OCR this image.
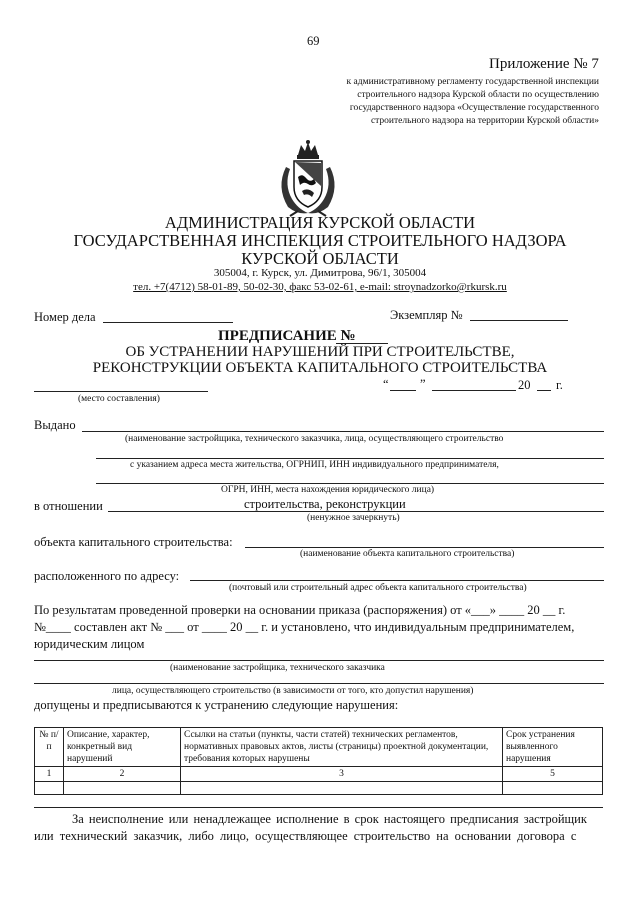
69
Приложение № 7
к административному регламенту государственной инспекции
строительного надзора Курской области по осуществлению
государственного надзора «Осуществление государственного
строительного надзора на территории Курской области»
АДМИНИСТРАЦИЯ КУРСКОЙ ОБЛАСТИ
ГОСУДАРСТВЕННАЯ ИНСПЕКЦИЯ СТРОИТЕЛЬНОГО НАДЗОРА
КУРСКОЙ ОБЛАСТИ
305004, г. Курск, ул. Димитрова, 96/1, 305004
тел. +7(4712) 58-01-89, 50-02-30, факс 53-02-61, e-mail: stroynadzorko@rkursk.ru
Номер дела	Экземпляр №
ПРЕДПИСАНИЕ №
ОБ УСТРАНЕНИИ НАРУШЕНИЙ ПРИ СТРОИТЕЛЬСТВЕ,
РЕКОНСТРУКЦИИ ОБЪЕКТА КАПИТАЛЬНОГО СТРОИТЕЛЬСТВА
(место составления)
“	”	20 г.
Выдано
(наименование застройщика, технического заказчика, лица, осуществляющего строительство
с указанием адреса места жительства, ОГРНИП, ИНН индивидуального предпринимателя,
ОГРН, ИНН, места нахождения юридического лица)
в отношении	строительства, реконструкции
(ненужное зачеркнуть)
объекта капитального строительства:
(наименование объекта капитального строительства)
расположенного по адресу:
(почтовый или строительный адрес объекта капитального строительства)
По результатам проведенной проверки на основании приказа (распоряжения) от «___» ____ 20 __ г.
№____ составлен акт № ___ от ____ 20 __ г. и установлено, что индивидуальным предпринимателем,
юридическим лицом
(наименование застройщика, технического заказчика
лица, осуществляющего строительство (в зависимости от того, кто допустил нарушения)
допущены и предписываются к устранению следующие нарушения:
№ п/п	Описание, характер, конкретный вид нарушений	Ссылки на статьи (пункты, части статей) технических регламентов, нормативных правовых актов, листы (страницы) проектной документации, требования которых нарушены	Срок устранения выявленного нарушения
1	2	3	5

За неисполнение или ненадлежащее исполнение в срок настоящего предписания застройщик
или технический заказчик, либо лицо, осуществляющее строительство на основании договора с
